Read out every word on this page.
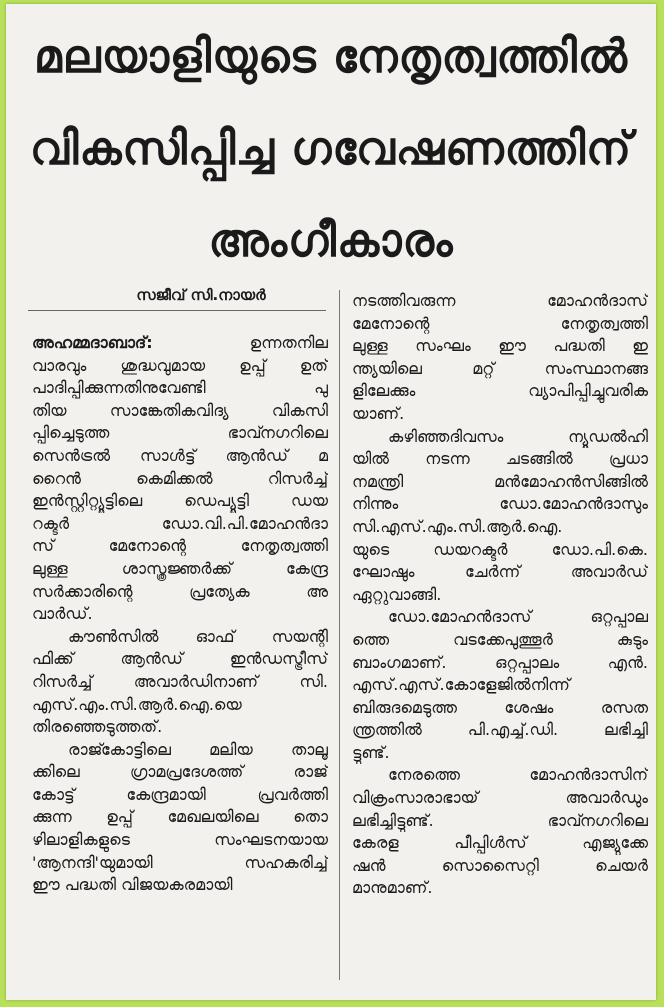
മലയാളിയുടെ നേതൃത്വത്തിൽ
വികസിപ്പിച്ച ഗവേഷണത്തിന്
അംഗീകാരം
സജീവ് സി.നായർ
അഹമ്മദാബാദ്:	ഉന്നതനില
വാരവും ശുദ്ധവുമായ ഉപ്പ് ഉത്
പാദിപ്പിക്കുന്നതിനുവേണ്ടി പു
തിയ സാങ്കേതികവിദ്യ വികസി
പ്പിച്ചെടുത്ത ഭാവ്നഗറിലെ
സെൻട്രൽ സാൾട്ട് ആൻഡ് മ
റൈൻ കെമിക്കൽ റിസർച്ച്
ഇൻസ്റ്റിറ്റ്യൂട്ടിലെ ഡെപ്യൂട്ടി ഡയ
റക്ടർ ഡോ.വി.പി.മോഹൻദാ
സ് മേനോന്റെ നേതൃത്വത്തി
ലുള്ള ശാസ്ത്രജ്ഞർക്ക് കേന്ദ്ര
സർക്കാരിന്റെ പ്രത്യേക അ
വാർഡ്.
കൗൺസിൽ ഓഫ് സയന്റി
ഫിക്ക് ആൻഡ് ഇൻഡസ്ട്രീസ്
റിസർച്ച് അവാർഡിനാണ് സി.
എസ്.എം.സി.ആർ.ഐ.യെ
തിരഞ്ഞെടുത്തത്.
രാജ്കോട്ടിലെ മലിയ താലൂ
ക്കിലെ ഗ്രാമപ്രദേശത്ത് രാജ്
കോട്ട് കേന്ദ്രമായി പ്രവർത്തി
ക്കുന്ന ഉപ്പ് മേഖലയിലെ തൊ
ഴിലാളികളുടെ സംഘടനയായ
'ആനന്ദി'യുമായി സഹകരിച്ച്
ഈ പദ്ധതി വിജയകരമായി
നടത്തിവരുന്ന മോഹൻദാസ്
മേനോന്റെ നേതൃത്വത്തി
ലുള്ള സംഘം ഈ പദ്ധതി ഇ
ന്ത്യയിലെ മറ്റ് സംസ്ഥാനങ്ങ
ളിലേക്കും വ്യാപിപ്പിച്ചുവരിക
യാണ്.
കഴിഞ്ഞദിവസം ന്യൂഡൽഹി
യിൽ നടന്ന ചടങ്ങിൽ പ്രധാ
നമന്ത്രി മൻമോഹൻസിങ്ങിൽ
നിന്നും ഡോ.മോഹൻദാസും
സി.എസ്.എം.സി.ആർ.ഐ.
യുടെ ഡയറക്ടർ ഡോ.പി.കെ.
ഘോഷും ചേർന്ന് അവാർഡ്
ഏറ്റുവാങ്ങി.
ഡോ.മോഹൻദാസ് ഒറ്റപ്പാല
ത്തെ വടക്കേപുത്തൂർ കുടും
ബാംഗമാണ്. ഒറ്റപ്പാലം എൻ.
എസ്.എസ്.കോളേജിൽനിന്ന്
ബിരുദമെടുത്ത ശേഷം രസത
ന്ത്രത്തിൽ പി.എച്ച്.ഡി. ലഭിച്ചി
ട്ടുണ്ട്.
നേരത്തെ മോഹൻദാസിന്
വിക്രംസാരാഭായ് അവാർഡും
ലഭിച്ചിട്ടുണ്ട്. ഭാവ്നഗറിലെ
കേരള പീപ്പിൾസ് എജ്യുക്കേ
ഷൻ സൊസൈറ്റി ചെയർ
മാനുമാണ്.
